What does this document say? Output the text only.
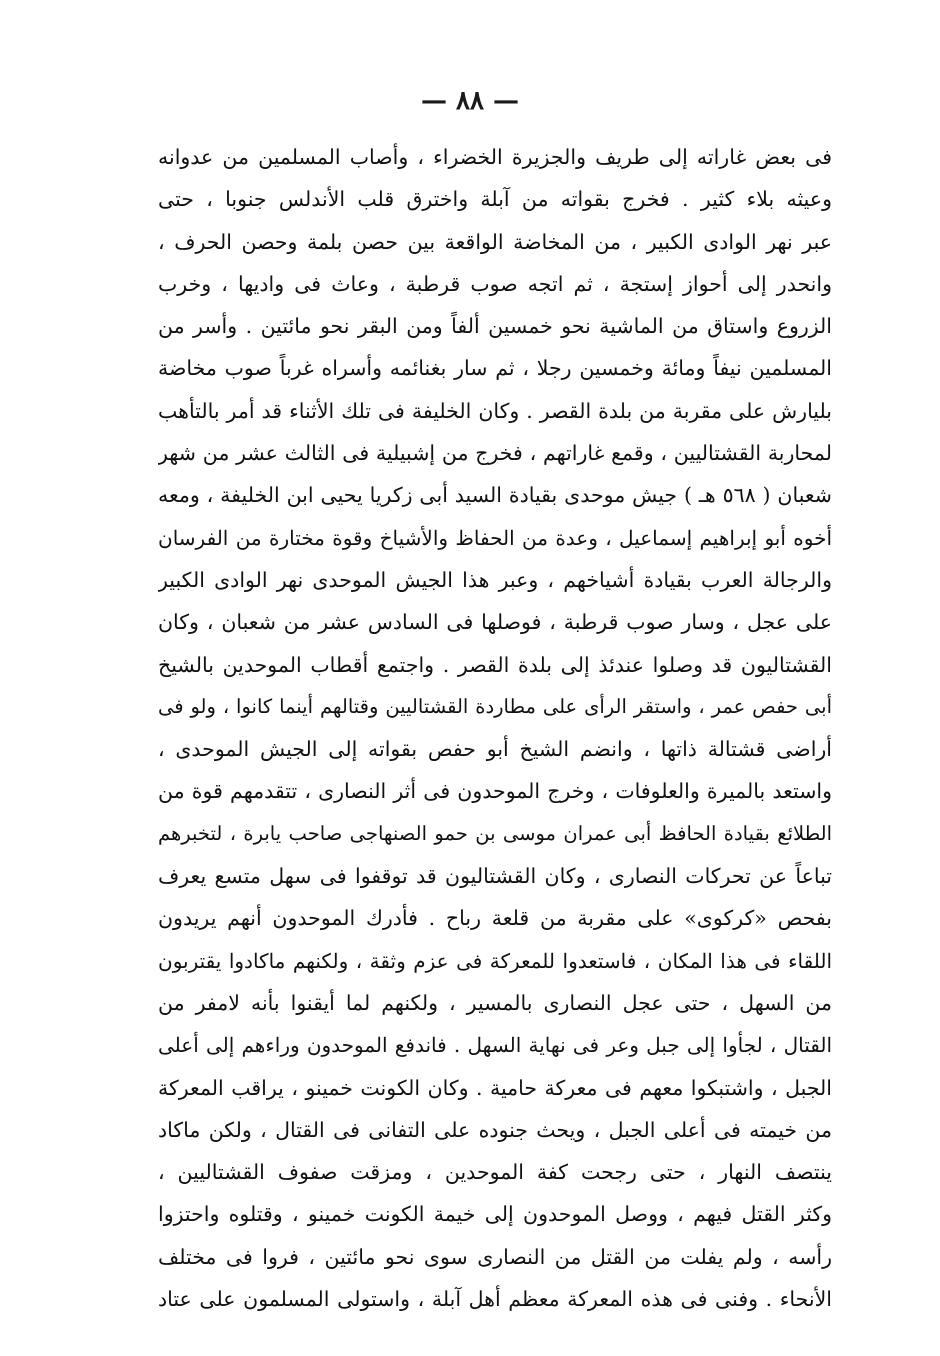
— ٨٨ —
فى بعض غاراته إلى طريف والجزيرة الخضراء ، وأصاب المسلمين من عدوانه
وعيثه بلاء كثير . فخرج بقواته من آبلة واخترق قلب الأندلس جنوبا ، حتى
عبر نهر الوادى الكبير ، من المخاضة الواقعة بين حصن بلمة وحصن الحرف ،
وانحدر إلى أحواز إستجة ، ثم اتجه صوب قرطبة ، وعاث فى واديها ، وخرب
الزروع واستاق من الماشية نحو خمسين ألفاً ومن البقر نحو مائتين . وأسر من
المسلمين نيفاً ومائة وخمسين رجلا ، ثم سار بغنائمه وأسراه غرباً صوب مخاضة
بليارش على مقربة من بلدة القصر . وكان الخليفة فى تلك الأثناء قد أمر بالتأهب
لمحاربة القشتاليين ، وقمع غاراتهم ، فخرج من إشبيلية فى الثالث عشر من شهر
شعبان ( ٥٦٨ هـ ) جيش موحدى بقيادة السيد أبى زكريا يحيى ابن الخليفة ، ومعه
أخوه أبو إبراهيم إسماعيل ، وعدة من الحفاظ والأشياخ وقوة مختارة من الفرسان
والرجالة العرب بقيادة أشياخهم ، وعبر هذا الجيش الموحدى نهر الوادى الكبير
على عجل ، وسار صوب قرطبة ، فوصلها فى السادس عشر من شعبان ، وكان
القشتاليون قد وصلوا عندئذ إلى بلدة القصر . واجتمع أقطاب الموحدين بالشيخ
أبى حفص عمر ، واستقر الرأى على مطاردة القشتاليين وقتالهم أينما كانوا ، ولو فى
أراضى قشتالة ذاتها ، وانضم الشيخ أبو حفص بقواته إلى الجيش الموحدى ،
واستعد بالميرة والعلوفات ، وخرج الموحدون فى أثر النصارى ، تتقدمهم قوة من
الطلائع بقيادة الحافظ أبى عمران موسى بن حمو الصنهاجى صاحب يابرة ، لتخبرهم
تباعاً عن تحركات النصارى ، وكان القشتاليون قد توقفوا فى سهل متسع يعرف
بفحص «كركوى» على مقربة من قلعة رباح . فأدرك الموحدون أنهم يريدون
اللقاء فى هذا المكان ، فاستعدوا للمعركة فى عزم وثقة ، ولكنهم ماكادوا يقتربون
من السهل ، حتى عجل النصارى بالمسير ، ولكنهم لما أيقنوا بأنه لامفر من
القتال ، لجأوا إلى جبل وعر فى نهاية السهل . فاندفع الموحدون وراءهم إلى أعلى
الجبل ، واشتبكوا معهم فى معركة حامية . وكان الكونت خمينو ، يراقب المعركة
من خيمته فى أعلى الجبل ، ويحث جنوده على التفانى فى القتال ، ولكن ماكاد
ينتصف النهار ، حتى رجحت كفة الموحدين ، ومزقت صفوف القشتاليين ،
وكثر القتل فيهم ، ووصل الموحدون إلى خيمة الكونت خمينو ، وقتلوه واحتزوا
رأسه ، ولم يفلت من القتل من النصارى سوى نحو مائتين ، فروا فى مختلف
الأنحاء . وفنى فى هذه المعركة معظم أهل آبلة ، واستولى المسلمون على عتاد
